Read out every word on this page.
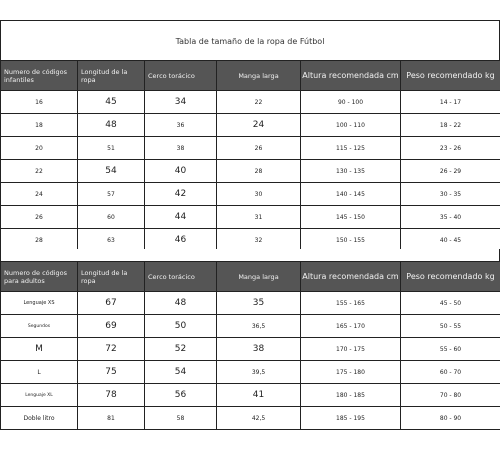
Tabla de tamaño de la ropa de Fútbol
Numero de códigos infantiles	Longitud de la ropa	Cerco torácico	Manga larga	Altura recomendada cm	Peso recomendado kg
16	45	34	22	90 - 100	14 - 17
18	48	36	24	100 - 110	18 - 22
20	51	38	26	115 - 125	23 - 26
22	54	40	28	130 - 135	26 - 29
24	57	42	30	140 - 145	30 - 35
26	60	44	31	145 - 150	35 - 40
28	63	46	32	150 - 155	40 - 45
Numero de códigos para adultos	Longitud de la ropa	Cerco torácico	Manga larga	Altura recomendada cm	Peso recomendado kg
Lenguaje XS	67	48	35	155 - 165	45 - 50
Segundos	69	50	36,5	165 - 170	50 - 55
M	72	52	38	170 - 175	55 - 60
L	75	54	39,5	175 - 180	60 - 70
Lenguaje XL	78	56	41	180 - 185	70 - 80
Doble litro	81	58	42,5	185 - 195	80 - 90
